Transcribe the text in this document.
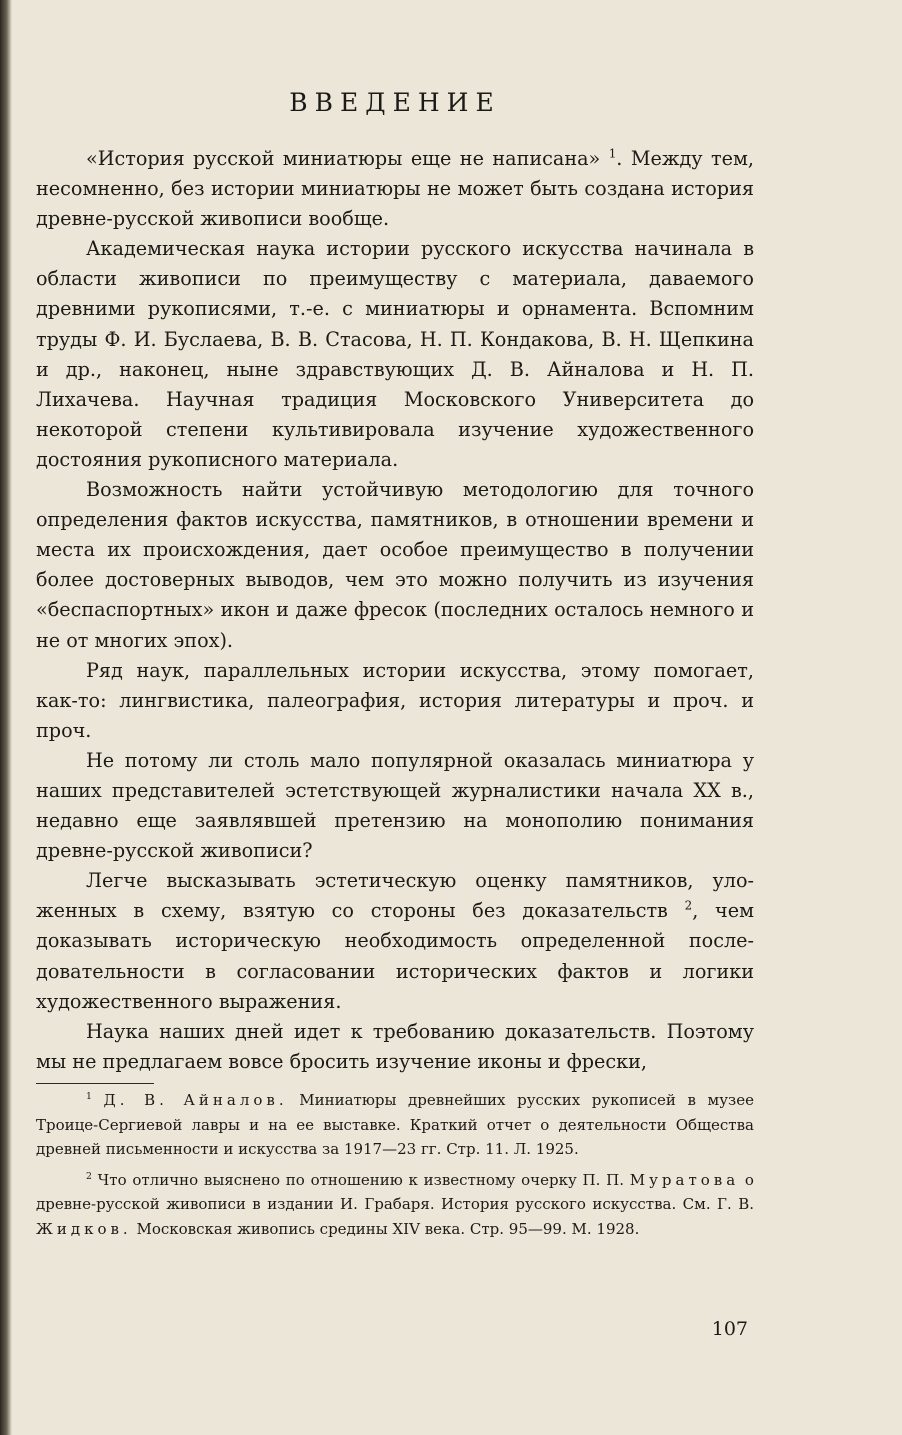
ВВЕДЕНИЕ

«История русской миниатюры еще не написана» $^1$. Между тем, несомненно, без истории миниатюры не может быть создана история древне-русской живописи вообще.

Академическая наука истории русского искусства начинала в области живописи по преимуществу с материала, даваемого древними рукописями, т.-е. с миниатюры и орнамента. Вспомним труды Ф. И. Буслаева, В. В. Стасова, Н. П. Кондакова, В. Н. Щепкина и др., наконец, ныне здравствующих Д. В. Айналова и Н. П. Лихачева. Научная традиция Московского Университета до некоторой степени культивировала изучение художественного достояния рукописного материала.

Возможность найти устойчивую методологию для точного определения фактов искусства, памятников, в отношении времени и места их происхождения, дает особое преимущество в получении более достоверных выводов, чем это можно получить из изучения «беспаспортных» икон и даже фресок (последних осталось немного и не от многих эпох).

Ряд наук, параллельных истории искусства, этому помогает, как-то: лингвистика, палеография, история литературы и проч. и проч.

Не потому ли столь мало популярной оказалась миниатюра у наших представителей эстетствующей журналистики начала XX в., недавно еще заявлявшей претензию на монополию понимания древне-русской живописи?

Легче высказывать эстетическую оценку памятников, уложенных в схему, взятую со стороны без доказательств $^2$, чем доказывать историческую необходимость определенной последовательности в согласовании исторических фактов и логики художественного выражения.

Наука наших дней идет к требованию доказательств. Поэтому мы не предлагаем вовсе бросить изучение иконы и фрески,

$^1$ Д. В. Айналов. Миниатюры древнейших русских рукописей в музее Троице-Сергиевой лавры и на ее выставке. Краткий отчет о деятельности Общества древней письменности и искусства за 1917—23 гг. Стр. 11. Л. 1925.

$^2$ Что отлично выяснено по отношению к известному очерку П. П. Муратова о древне-русской живописи в издании И. Грабаря. История русского искусства. См. Г. В. Жидков. Московская живопись средины XIV века. Стр. 95—99. М. 1928.

107
